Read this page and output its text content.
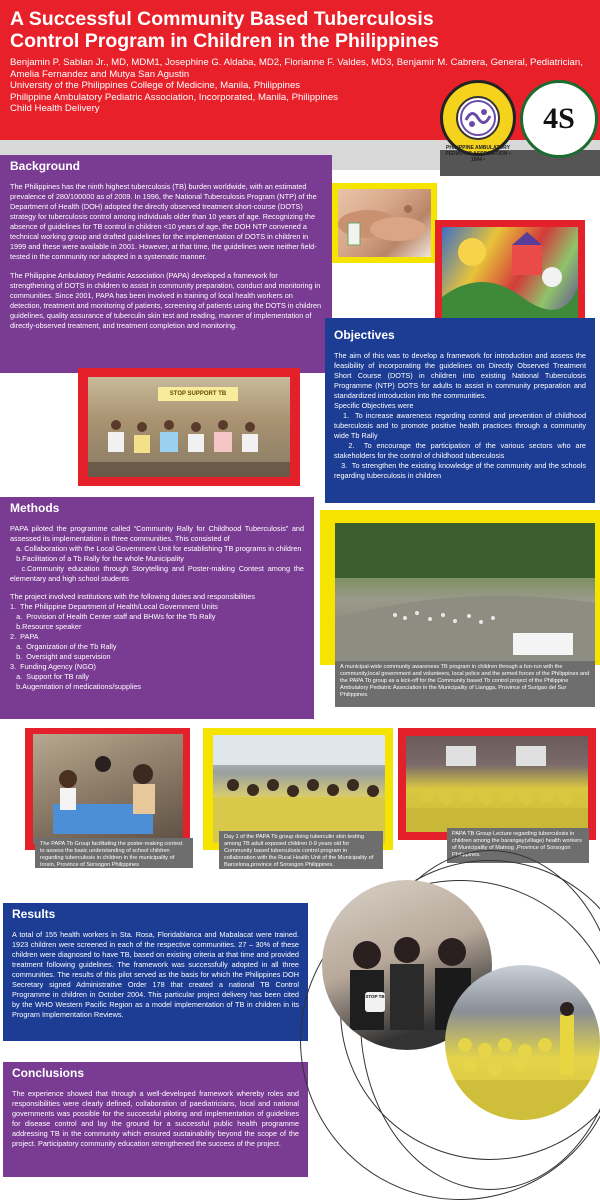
A Successful Community Based Tuberculosis Control Program in Children in the Philippines
Benjamin P. Sablan Jr., MD, MDM1, Josephine G. Aldaba, MD2, Florianne F. Valdes, MD3, Benjamir M. Cabrera, General, Pediatrician,
Amelia Fernandez and Mutya San Agustin
University of the Philippines College of Medicine, Manila, Philippines
Philippine Ambulatory Pediatric Association, Incorporated, Manila, Philippines
Child Health Delivery
PHILIPPINE AMBULATORY PEDIATRIC ASSOCIATION • 1994 •
4S
Background
The Philippines has the ninth highest tuberculosis (TB) burden worldwide, with an estimated prevalence of 280/100000 as of 2009. In 1996, the National Tuberculosis Program (NTP) of the Department of Health (DOH) adopted the directly observed treatment short-course (DOTS) strategy for tuberculosis control among individuals older than 10 years of age. Recognizing the absence of guidelines for TB control in children <10 years of age, the DOH NTP convened a technical working group and drafted guidelines for the implementation of DOTS in children in 1999 and these were available in 2001. However, at that time, the guidelines were neither field-tested in the community nor adopted in a systematic manner.
The Philippine Ambulatory Pediatric Association (PAPA) developed a framework for strengthening of DOTS in children to assist in community preparation, conduct and monitoring in communities. Since 2001, PAPA has been involved in training of local health workers on detection, treatment and monitoring of patients, screening of patients using the DOTS in children guidelines, quality assurance of tuberculin skin test and reading, manner of implementation of directly-observed treatment, and treatment completion and monitoring.
Objectives
The aim of this was to develop a framework for introduction and assess the feasibility of incorporating the guidelines on Directly Observed Treatment Short Course (DOTS) in children into existing National Tuberculosis Programme (NTP) DOTS for adults to assist in community preparation and standardized introduction into the communities.
Specific Objectives were
1.  To increase awareness regarding control and prevention of childhood tuberculosis and to promote positive health practices through a community wide Tb Rally
2.  To encourage the participation of the various sectors who are stakeholders for the control of childhood tuberculosis
3.  To strengthen the existing knowledge of the community and the schools regarding tuberculosis in children
STOP SUPPORT TB
Methods
PAPA piloted the programme called “Community Rally for Childhood Tuberculosis” and assessed its implementation in three communities. This consisted of
a. Collaboration with the Local Government Unit for establishing TB programs in children
b.Facilitation of a Tb Rally for the whole Municipality
c.Community education through Storytelling and Poster-making Contest among the elementary and high school students
The project involved institutions with the following duties and responsibilities
1.  The Philippine Department of Health/Local Government Units
a.  Provision of Health Center staff and BHWs for the Tb Rally
b.Resource speaker
2.  PAPA
a.  Organization of the Tb Rally
b.  Oversight and supervision
3.  Funding Agency (NGO)
a.  Support for TB rally
b.Augemtation of medications/supplies
A municipal-wide community awareness TB program in children through a fun-run with the community,local government and volunteers, local police and the armed forces of the Philippines and the PAPA Tb group as a kick-off for the Community based Tb control project of the Philippine Ambulatory Pediatric Association in the Municipality of Liangga, Province of Surigao del Sur Philippines.
The PAPA Tb Group facilitating the poster-making contest to assess the basic understanding of school children regarding tuberculosis in children in the municipality of Irosin, Province of Sorsogon Philippines
Day 1 of the PAPA Tb group doing tuberculin skin testing among TB adult exposed children 0-9 years old for Community based tuberculosis control program in collaboration with the Rural Health Unit of the Municipality of Barcelona,province of Sorsogon Philippines.
PAPA TB Group Lecture regarding tuberculosis in children among the barangay(village) health workers of Municipality of Matnog ,Province of Sorsogon Philippines.
Results
A total of 155 health workers in Sta. Rosa, Floridablanca and Mabalacat were trained.  1923 children were screened in each of the respective communities. 27 – 30% of these children were diagnosed to have TB, based on existing criteria at that time and provided treatment following guidelines. The framework was successfully adopted in all three communities. The results of this pilot served as the basis for which the Philippines DOH Secretary signed Administrative Order 178 that created a national TB Control Programme in children in October 2004. This particular project delivery has been cited by the WHO Western Pacific Region as a model implementation of TB in children in its Program Implementation Reviews.
Conclusions
The experience showed that through a well-developed framework whereby roles and responsibilities were clearly defined, collaboration of paediatricians, local and national governments was possible for the successful piloting and implementation of guidelines for disease control and lay the ground for a successful public health programme addressing TB in the community which ensured sustainability beyond the scope of the project. Participatory community education strengthened the success of the project.
STOP TB
